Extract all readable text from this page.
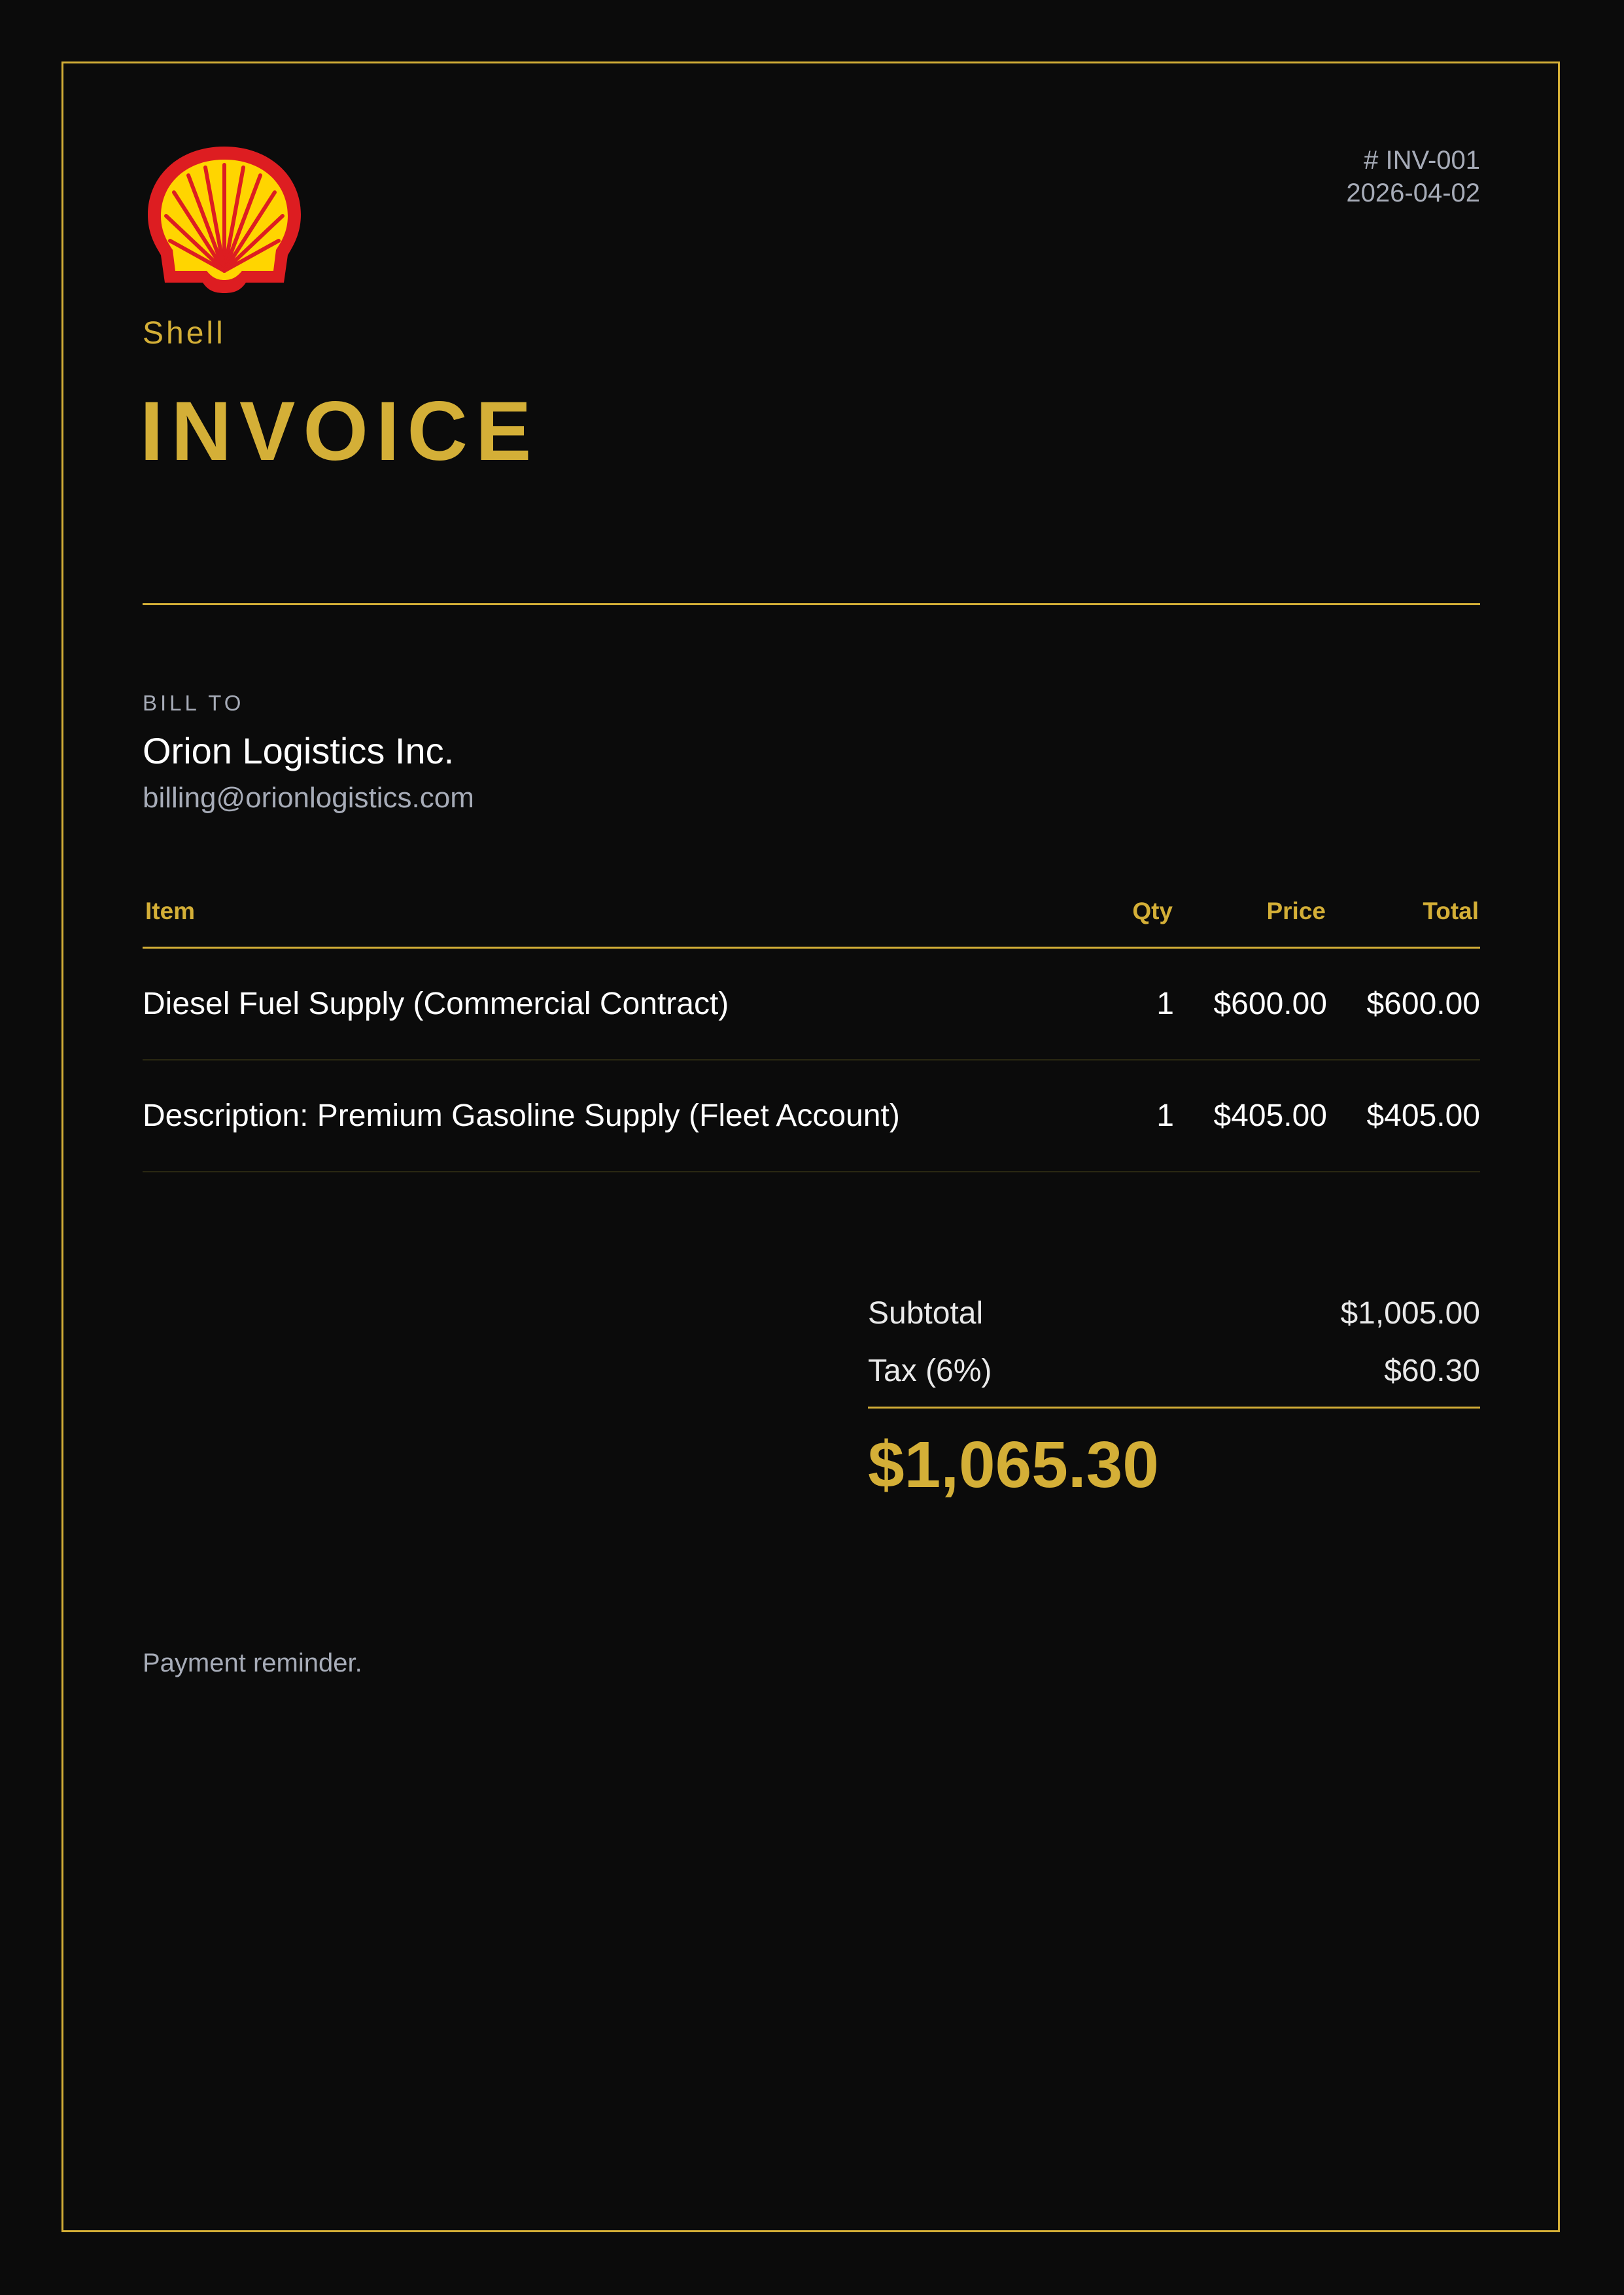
Shell
INVOICE
# INV-001
2026-04-02
BILL TO
Orion Logistics Inc.
billing@orionlogistics.com
Item	Qty	Price	Total
Diesel Fuel Supply (Commercial Contract)	1 $600.00 $600.00
Description: Premium Gasoline Supply (Fleet Account)	1 $405.00 $405.00
Subtotal	$1,005.00
Tax (6%)	$60.30
$1,065.30
Payment reminder.
